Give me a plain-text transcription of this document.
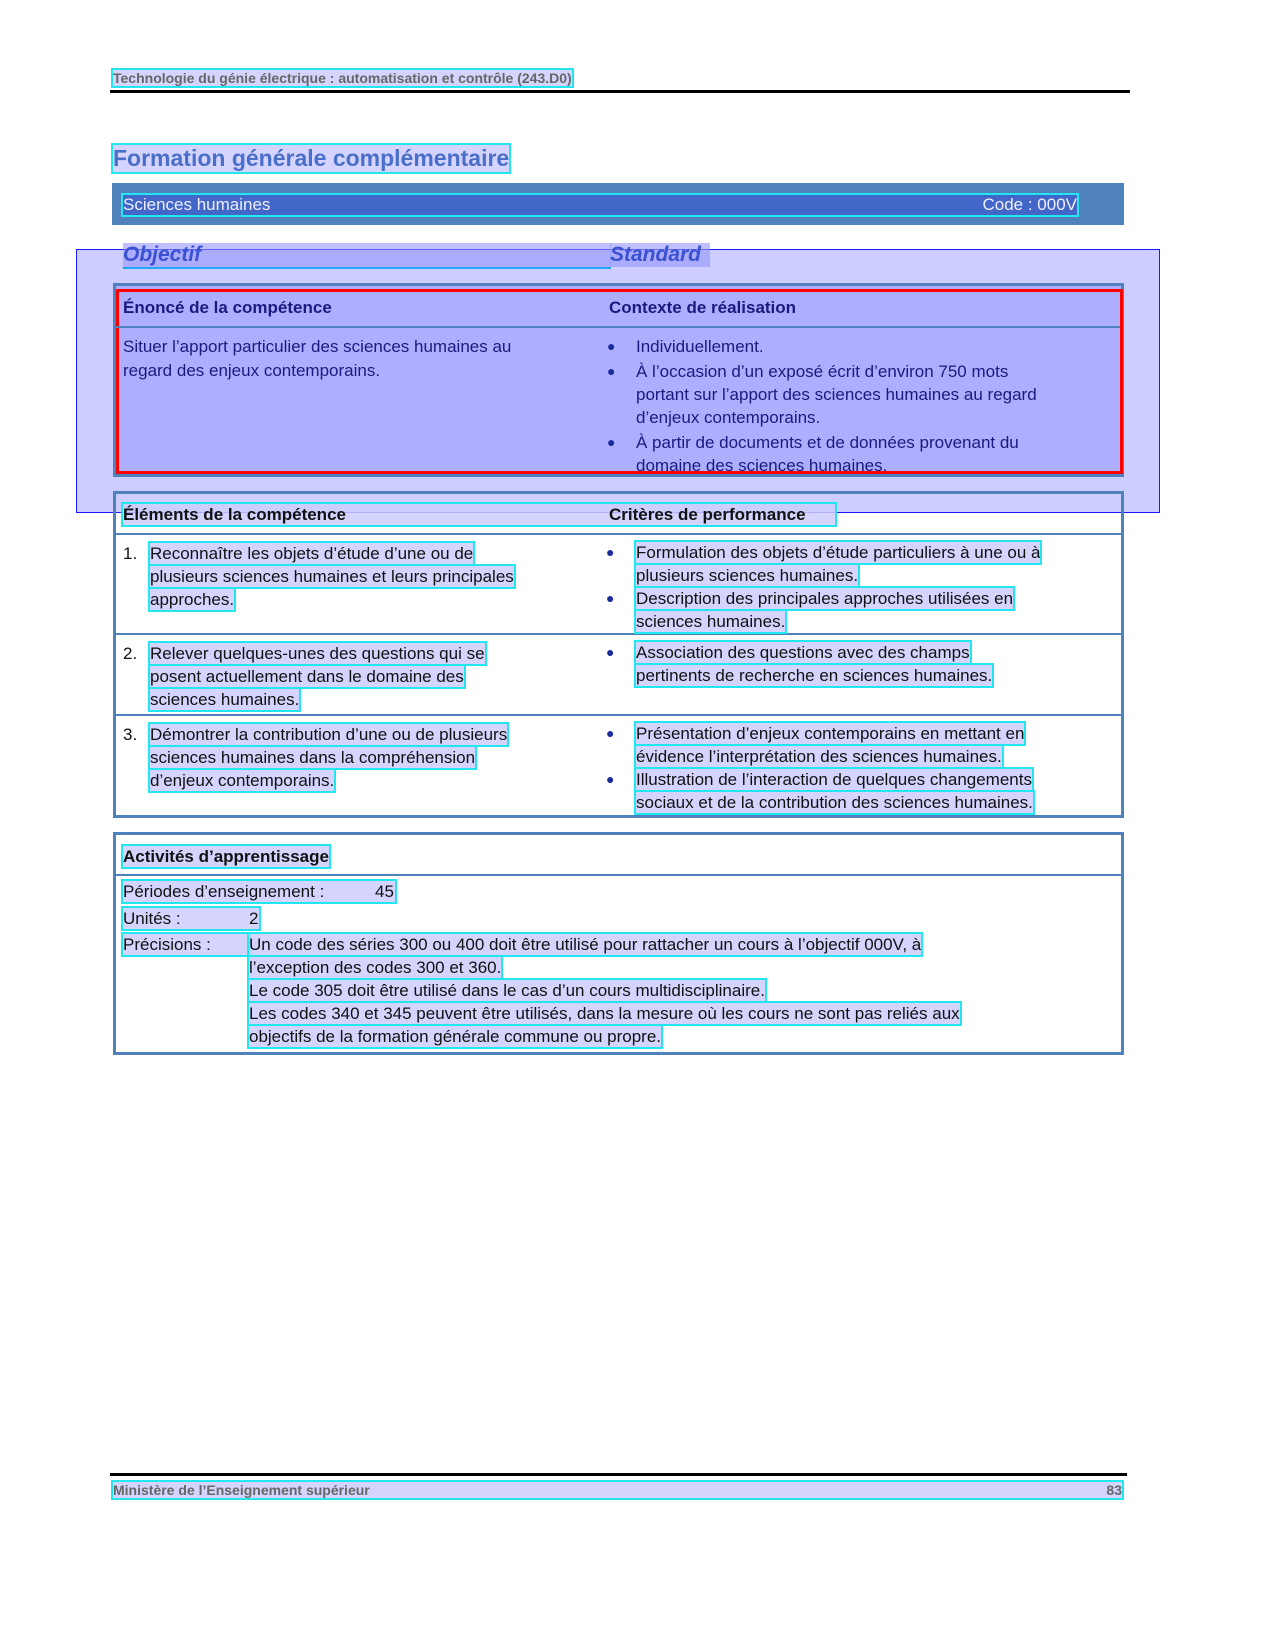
Technologie du génie électrique : automatisation et contrôle (243.D0)
Formation générale complémentaire
Sciences humaines	Code : 000V
Objectif	Standard
Énoncé de la compétence	Contexte de réalisation
Situer l’apport particulier des sciences humaines au
regard des enjeux contemporains.
● Individuellement.
● À l’occasion d’un exposé écrit d’environ 750 mots
portant sur l’apport des sciences humaines au regard
d’enjeux contemporains.
● À partir de documents et de données provenant du
domaine des sciences humaines.
Éléments de la compétence	Critères de performance
1. Reconnaître les objets d’étude d’une ou de
plusieurs sciences humaines et leurs principales
approches.
● Formulation des objets d’étude particuliers à une ou à
plusieurs sciences humaines.
● Description des principales approches utilisées en
sciences humaines.
2. Relever quelques-unes des questions qui se
posent actuellement dans le domaine des
sciences humaines.
● Association des questions avec des champs
pertinents de recherche en sciences humaines.
3. Démontrer la contribution d’une ou de plusieurs
sciences humaines dans la compréhension
d’enjeux contemporains.
● Présentation d’enjeux contemporains en mettant en
évidence l’interprétation des sciences humaines.
● Illustration de l’interaction de quelques changements
sociaux et de la contribution des sciences humaines.
Activités d’apprentissage
Périodes d’enseignement :	45
Unités :	2
Précisions :	Un code des séries 300 ou 400 doit être utilisé pour rattacher un cours à l’objectif 000V, à
l’exception des codes 300 et 360.
Le code 305 doit être utilisé dans le cas d’un cours multidisciplinaire.
Les codes 340 et 345 peuvent être utilisés, dans la mesure où les cours ne sont pas reliés aux
objectifs de la formation générale commune ou propre.
Ministère de l’Enseignement supérieur	83
